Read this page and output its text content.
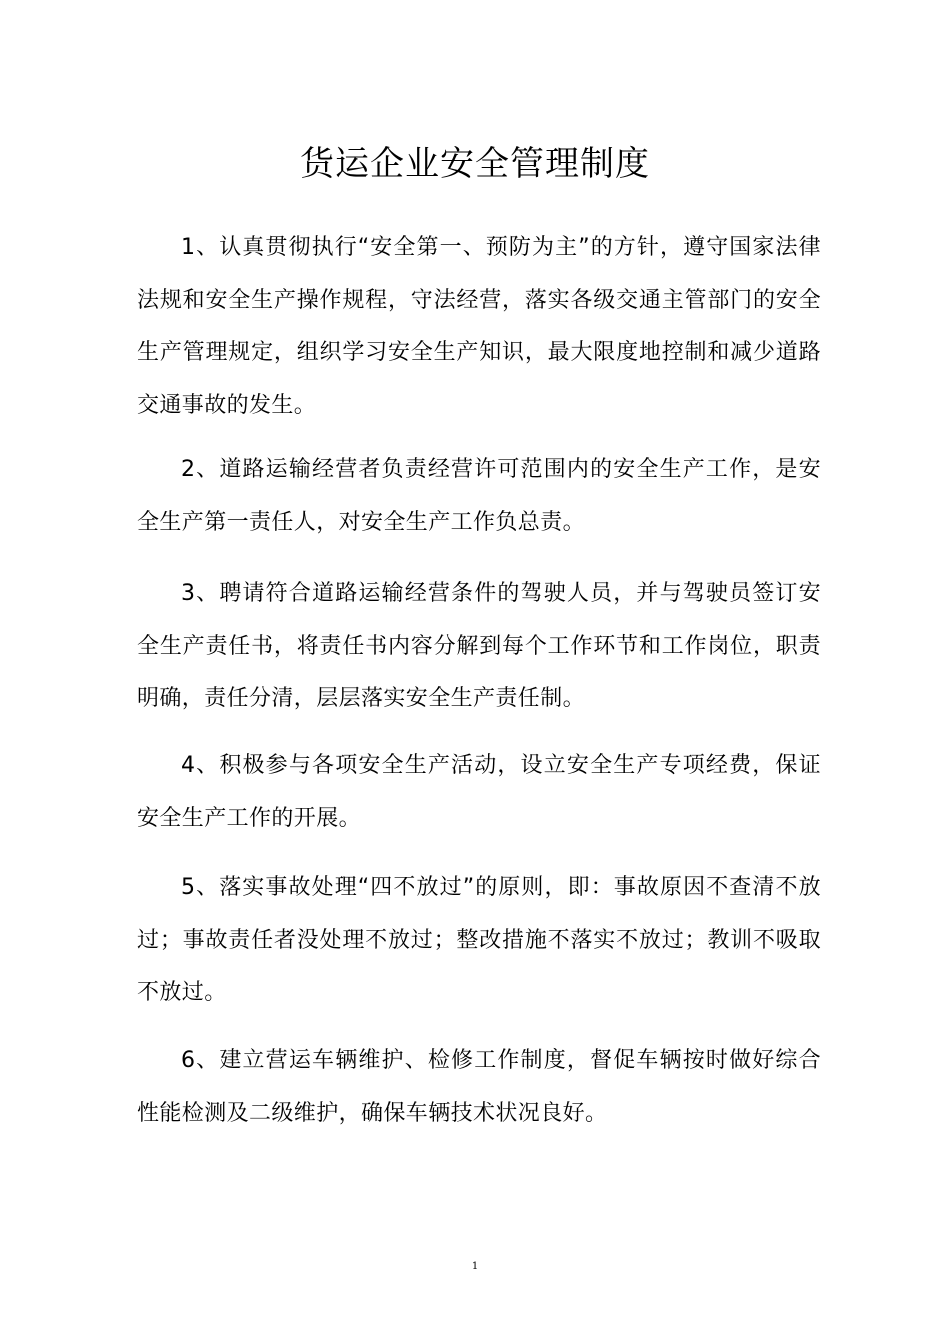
货运企业安全管理制度
1、认真贯彻执行“安全第一、预防为主”的方针，遵守国家法律法规和安全生产操作规程，守法经营，落实各级交通主管部门的安全生产管理规定，组织学习安全生产知识，最大限度地控制和减少道路交通事故的发生。
2、道路运输经营者负责经营许可范围内的安全生产工作，是安全生产第一责任人，对安全生产工作负总责。
3、聘请符合道路运输经营条件的驾驶人员，并与驾驶员签订安全生产责任书，将责任书内容分解到每个工作环节和工作岗位，职责明确，责任分清，层层落实安全生产责任制。
4、积极参与各项安全生产活动，设立安全生产专项经费，保证安全生产工作的开展。
5、落实事故处理“四不放过”的原则，即：事故原因不查清不放过；事故责任者没处理不放过；整改措施不落实不放过；教训不吸取不放过。
6、建立营运车辆维护、检修工作制度，督促车辆按时做好综合性能检测及二级维护，确保车辆技术状况良好。
1
